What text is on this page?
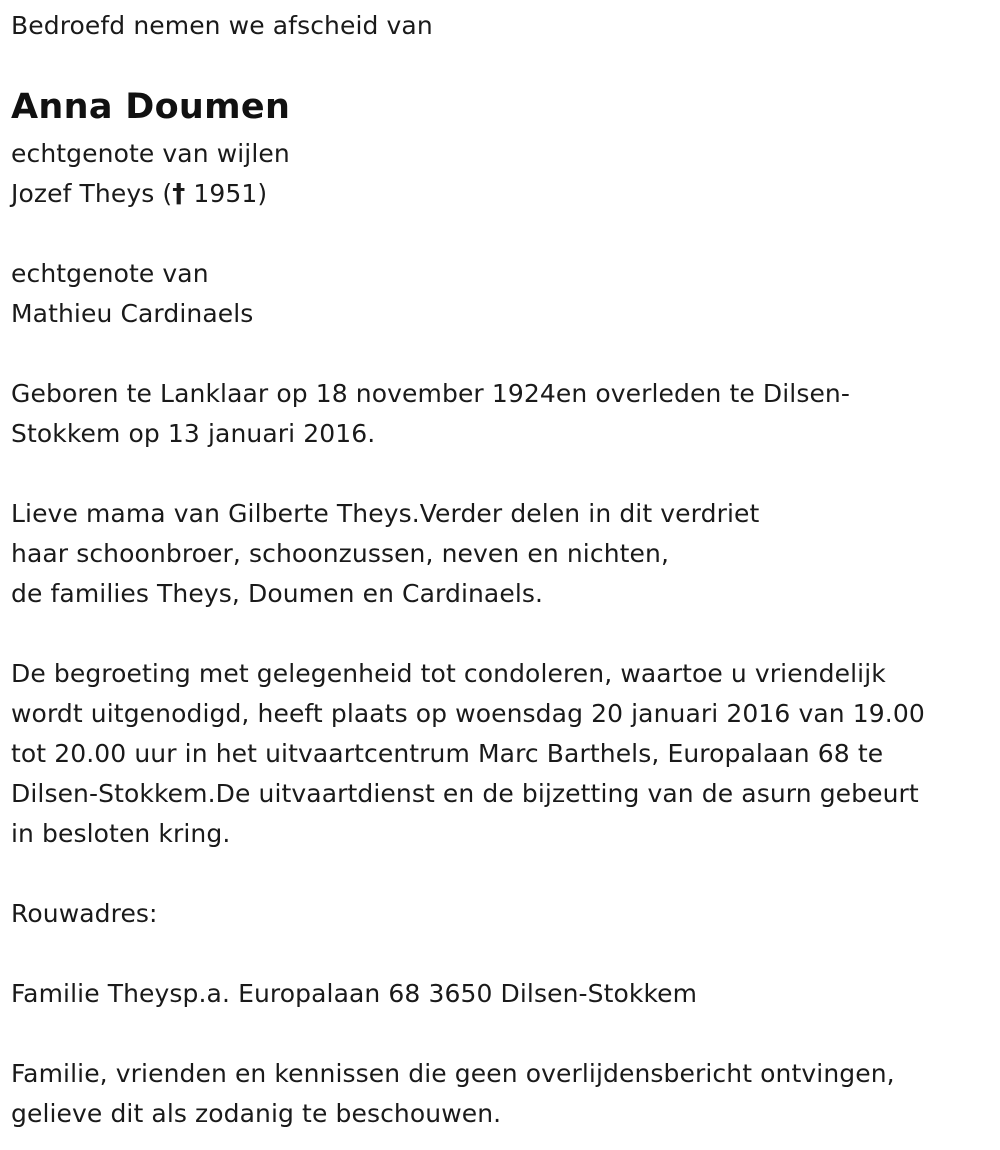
Bedroefd nemen we afscheid van
Anna Doumen
echtgenote van wijlen
Jozef Theys († 1951)
echtgenote van
Mathieu Cardinaels
Geboren te Lanklaar op 18 november 1924en overleden te Dilsen-
Stokkem op 13 januari 2016.
Lieve mama van Gilberte Theys.Verder delen in dit verdriet
haar schoonbroer, schoonzussen, neven en nichten,
de families Theys, Doumen en Cardinaels.
De begroeting met gelegenheid tot condoleren, waartoe u vriendelijk
wordt uitgenodigd, heeft plaats op woensdag 20 januari 2016 van 19.00
tot 20.00 uur in het uitvaartcentrum Marc Barthels, Europalaan 68 te
Dilsen-Stokkem.De uitvaartdienst en de bijzetting van de asurn gebeurt
in besloten kring.
Rouwadres:
Familie Theysp.a. Europalaan 68 3650 Dilsen-Stokkem
Familie, vrienden en kennissen die geen overlijdensbericht ontvingen,
gelieve dit als zodanig te beschouwen.
